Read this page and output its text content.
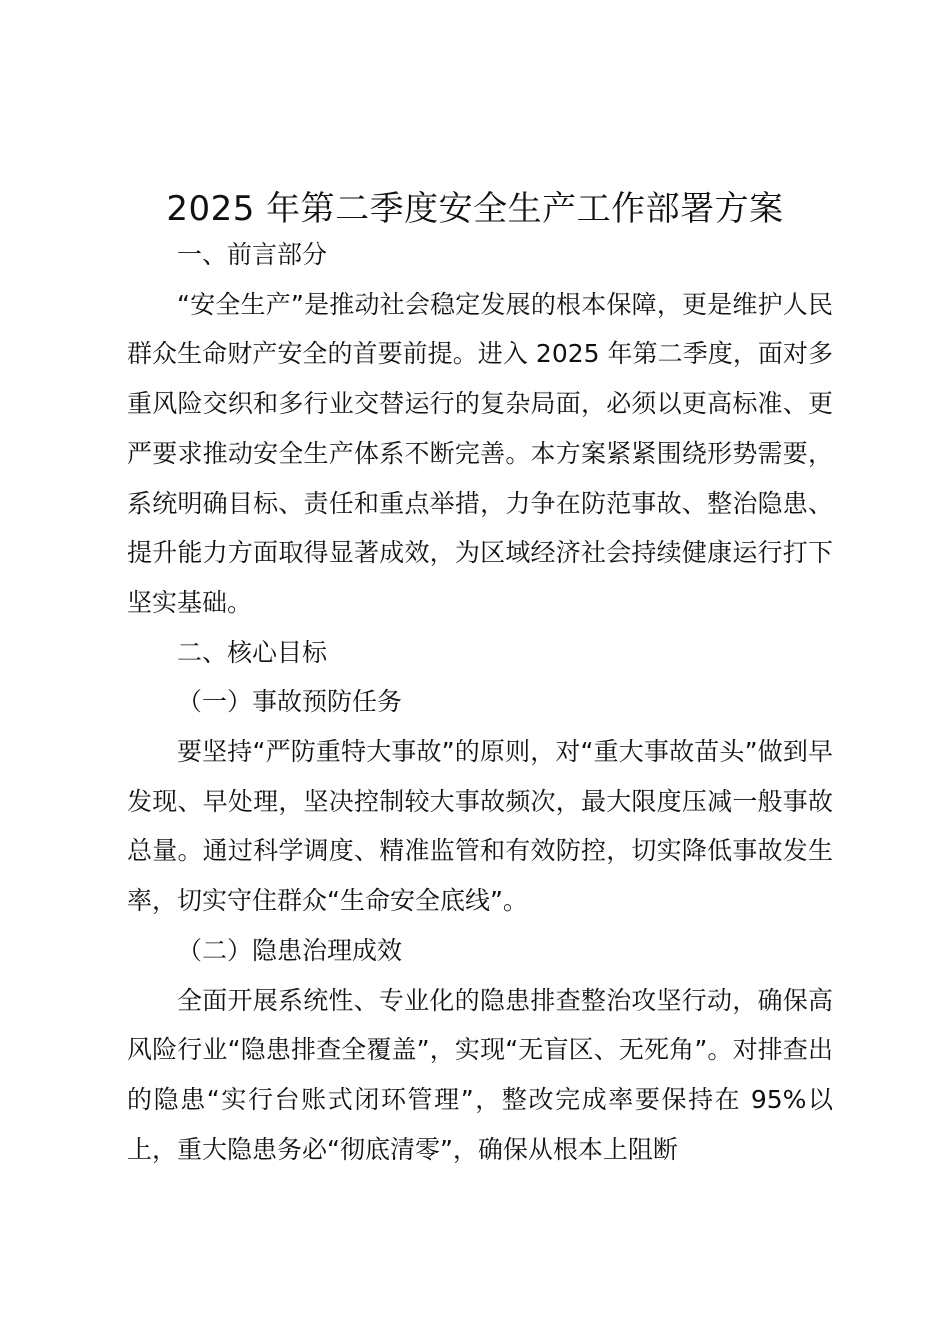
2025 年第二季度安全生产工作部署方案

一、前言部分

“安全生产”是推动社会稳定发展的根本保障，更是维护人民群众生命财产安全的首要前提。进入 2025 年第二季度，面对多重风险交织和多行业交替运行的复杂局面，必须以更高标准、更严要求推动安全生产体系不断完善。本方案紧紧围绕形势需要，系统明确目标、责任和重点举措，力争在防范事故、整治隐患、提升能力方面取得显著成效，为区域经济社会持续健康运行打下坚实基础。

二、核心目标

（一）事故预防任务

要坚持“严防重特大事故”的原则，对“重大事故苗头”做到早发现、早处理，坚决控制较大事故频次，最大限度压减一般事故总量。通过科学调度、精准监管和有效防控，切实降低事故发生率，切实守住群众“生命安全底线”。

（二）隐患治理成效

全面开展系统性、专业化的隐患排查整治攻坚行动，确保高风险行业“隐患排查全覆盖”，实现“无盲区、无死角”。对排查出的隐患“实行台账式闭环管理”，整改完成率要保持在 95%以上，重大隐患务必“彻底清零”，确保从根本上阻断
